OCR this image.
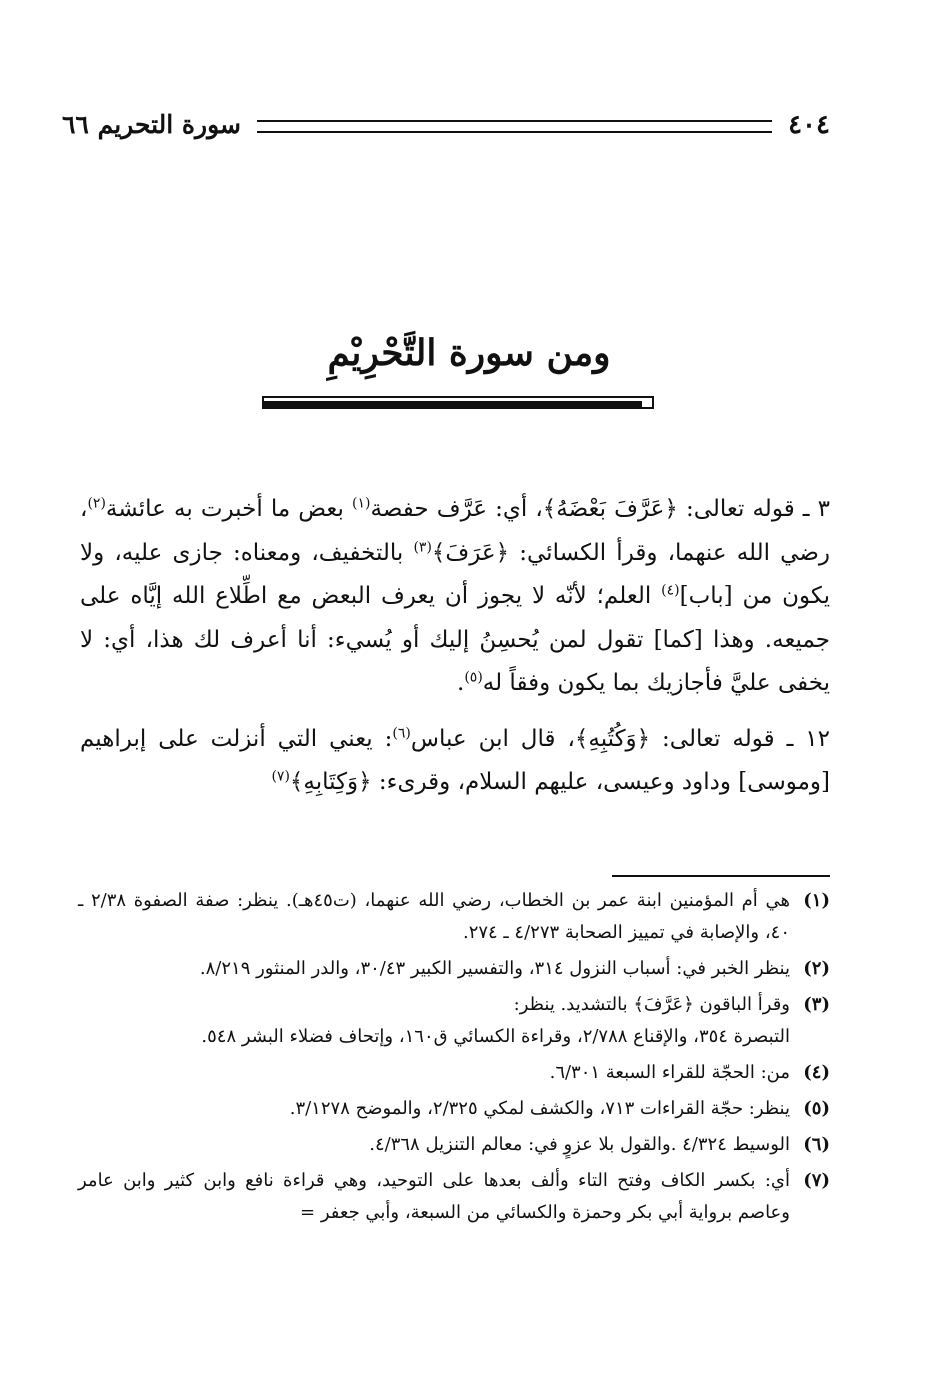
٤٠٤
سورة التحريم ٦٦
ومن سورة التَّحْرِيْمِ

٣ ـ قوله تعالى: ﴿عَرَّفَ بَعْضَهُ﴾، أي: عَرَّف حفصة$^{(١)}$ بعض ما أخبرت به عائشة$^{(٢)}$، رضي الله عنهما، وقرأ الكسائي: ﴿عَرَفَ﴾$^{(٣)}$ بالتخفيف، ومعناه: جازى عليه، ولا يكون من [باب]$^{(٤)}$ العلم؛ لأنّه لا يجوز أن يعرف البعض مع اطِّلاع الله إيَّاه على جميعه. وهذا [كما] تقول لمن يُحسِنُ إليك أو يُسيء: أنا أعرف لك هذا، أي: لا يخفى عليَّ فأجازيك بما يكون وفقاً له$^{(٥)}$.

١٢ ـ قوله تعالى: ﴿وَكُتُبِهِ﴾، قال ابن عباس$^{(٦)}$: يعني التي أنزلت على إبراهيم [وموسى] وداود وعيسى، عليهم السلام، وقرىء: ﴿وَكِتَابِهِ﴾$^{(٧)}$

(١)
هي أم المؤمنين ابنة عمر بن الخطاب، رضي الله عنهما، (ت٤٥هـ). ينظر: صفة الصفوة ٢/٣٨ ـ ٤٠، والإصابة في تمييز الصحابة ٤/٢٧٣ ـ ٢٧٤.
(٢)
ينظر الخبر في: أسباب النزول ٣١٤، والتفسير الكبير ٣٠/٤٣، والدر المنثور ٨/٢١٩.
(٣)
وقرأ الباقون ﴿عَرَّفَ﴾ بالتشديد. ينظر:
التبصرة ٣٥٤، والإقناع ٢/٧٨٨، وقراءة الكسائي ق١٦٠، وإتحاف فضلاء البشر ٥٤٨.
(٤)
من: الحجّة للقراء السبعة ٦/٣٠١.
(٥)
ينظر: حجّة القراءات ٧١٣، والكشف لمكي ٢/٣٢٥، والموضح ٣/١٢٧٨.
(٦)
الوسيط ٤/٣٢٤ .والقول بلا عزوٍ في: معالم التنزيل ٤/٣٦٨.
(٧)
أي: بكسر الكاف وفتح التاء وألف بعدها على التوحيد، وهي قراءة نافع وابن كثير وابن عامر وعاصم برواية أبي بكر وحمزة والكسائي من السبعة، وأبي جعفر =
